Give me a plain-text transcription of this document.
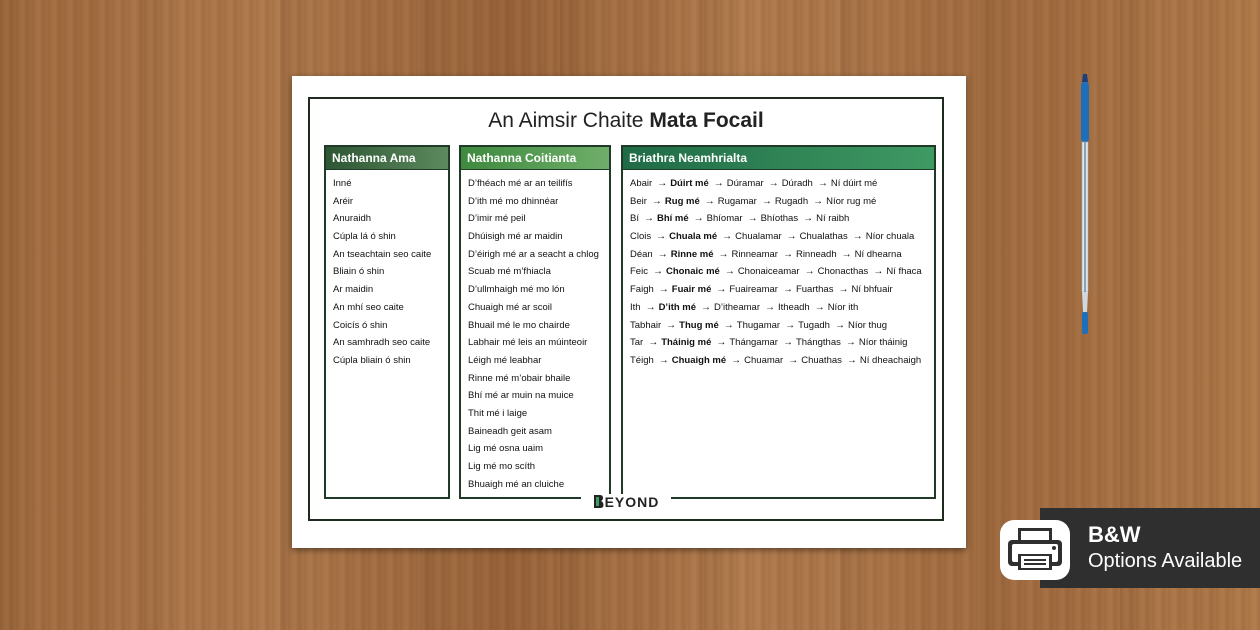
An Aimsir Chaite Mata Focail
Nathanna Ama
Inné
Aréir
Anuraidh
Cúpla lá ó shin
An tseachtain seo caite
Bliain ó shin
Ar maidin
An mhí seo caite
Coicís ó shin
An samhradh seo caite
Cúpla bliain ó shin
Nathanna Coitianta
D’fhéach mé ar an teilifís
D’ith mé mo dhinnéar
D’imir mé peil
Dhúisigh mé ar maidin
D’éirigh mé ar a seacht a chlog
Scuab mé m’fhiacla
D’ullmhaigh mé mo lón
Chuaigh mé ar scoil
Bhuail mé le mo chairde
Labhair mé leis an múinteoir
Léigh mé leabhar
Rinne mé m’obair bhaile
Bhí mé ar muin na muice
Thit mé i laige
Baineadh geit asam
Lig mé osna uaim
Lig mé mo scíth
Bhuaigh mé an cluiche
Briathra Neamhrialta
Abair → Dúirt mé → Dúramar → Dúradh → Ní dúirt mé
Beir → Rug mé → Rugamar → Rugadh → Níor rug mé
Bí → Bhí mé → Bhíomar → Bhíothas → Ní raibh
Clois → Chuala mé → Chualamar → Chualathas → Níor chuala
Déan → Rinne mé → Rinneamar → Rinneadh → Ní dhearna
Feic → Chonaic mé → Chonaiceamar → Chonacthas → Ní fhaca
Faigh → Fuair mé → Fuaireamar → Fuarthas → Ní bhfuair
Ith → D’ith mé → D’itheamar → Itheadh → Níor ith
Tabhair → Thug mé → Thugamar → Tugadh → Níor thug
Tar → Tháinig mé → Thángamar → Thángthas → Níor tháinig
Téigh → Chuaigh mé → Chuamar → Chuathas → Ní dheachaigh
EYOND
B&W
Options Available
